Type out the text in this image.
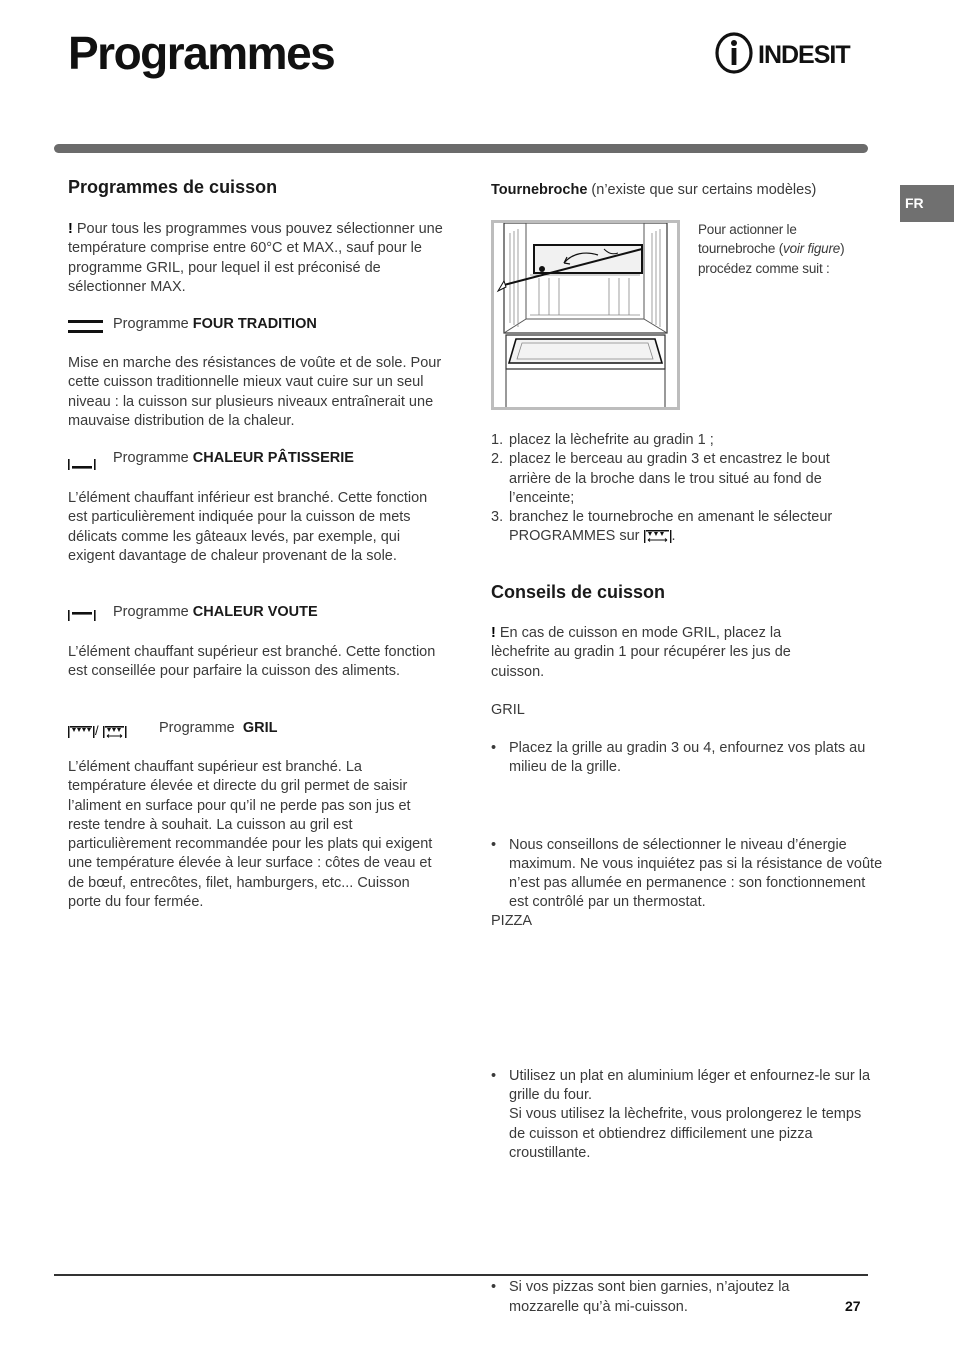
Programmes	INDESIT
FR
Programmes de cuisson
! Pour tous les programmes vous pouvez sélectionner une température comprise entre 60°C et MAX., sauf pour le programme GRIL, pour lequel il est préconisé de sélectionner MAX.
Programme FOUR TRADITION
Mise en marche des résistances de voûte et de sole. Pour cette cuisson traditionnelle mieux vaut cuire sur un seul niveau : la cuisson sur plusieurs niveaux entraînerait une mauvaise distribution de la chaleur.
Programme CHALEUR PÂTISSERIE
L’élément chauffant inférieur est branché. Cette fonction est particulièrement indiquée pour la cuisson de mets délicats comme les gâteaux levés, par exemple, qui exigent davantage de chaleur provenant de la sole.
Programme CHALEUR VOUTE
L’élément chauffant supérieur est branché. Cette fonction est conseillée pour parfaire la cuisson des aliments.
/	Programme  GRIL
L’élément chauffant supérieur est branché. La température élevée et directe du gril permet de saisir l’aliment en surface pour qu’il ne perde pas son jus et reste tendre à souhait. La cuisson au gril est particulièrement recommandée pour les plats qui exigent une température élevée à leur surface : côtes de veau et de bœuf, entrecôtes, filet, hamburgers, etc... Cuisson porte du four fermée.
Tournebroche (n’existe que sur certains modèles)
Pour actionner le tournebroche (voir figure) procédez comme suit :
1. placez la lèchefrite au gradin 1 ;
2. placez le berceau au gradin 3 et encastrez le bout arrière de la broche dans le trou situé au fond de l’enceinte;
3. branchez le tournebroche en amenant le sélecteur PROGRAMMES sur .
Conseils de cuisson
! En cas de cuisson en mode GRIL, placez la lèchefrite au gradin 1 pour récupérer les jus de cuisson.
GRIL
• Placez la grille au gradin 3 ou 4, enfournez vos plats au milieu de la grille.
• Nous conseillons de sélectionner le niveau d’énergie maximum. Ne vous inquiétez pas si la résistance de voûte n’est pas allumée en permanence : son fonctionnement est contrôlé par un thermostat.
PIZZA
• Utilisez un plat en aluminium léger et enfournez-le sur la grille du four.
Si vous utilisez la lèchefrite, vous prolongerez le temps de cuisson et obtiendrez difficilement une pizza croustillante.
• Si vos pizzas sont bien garnies, n’ajoutez la mozzarelle qu’à mi-cuisson.	27
